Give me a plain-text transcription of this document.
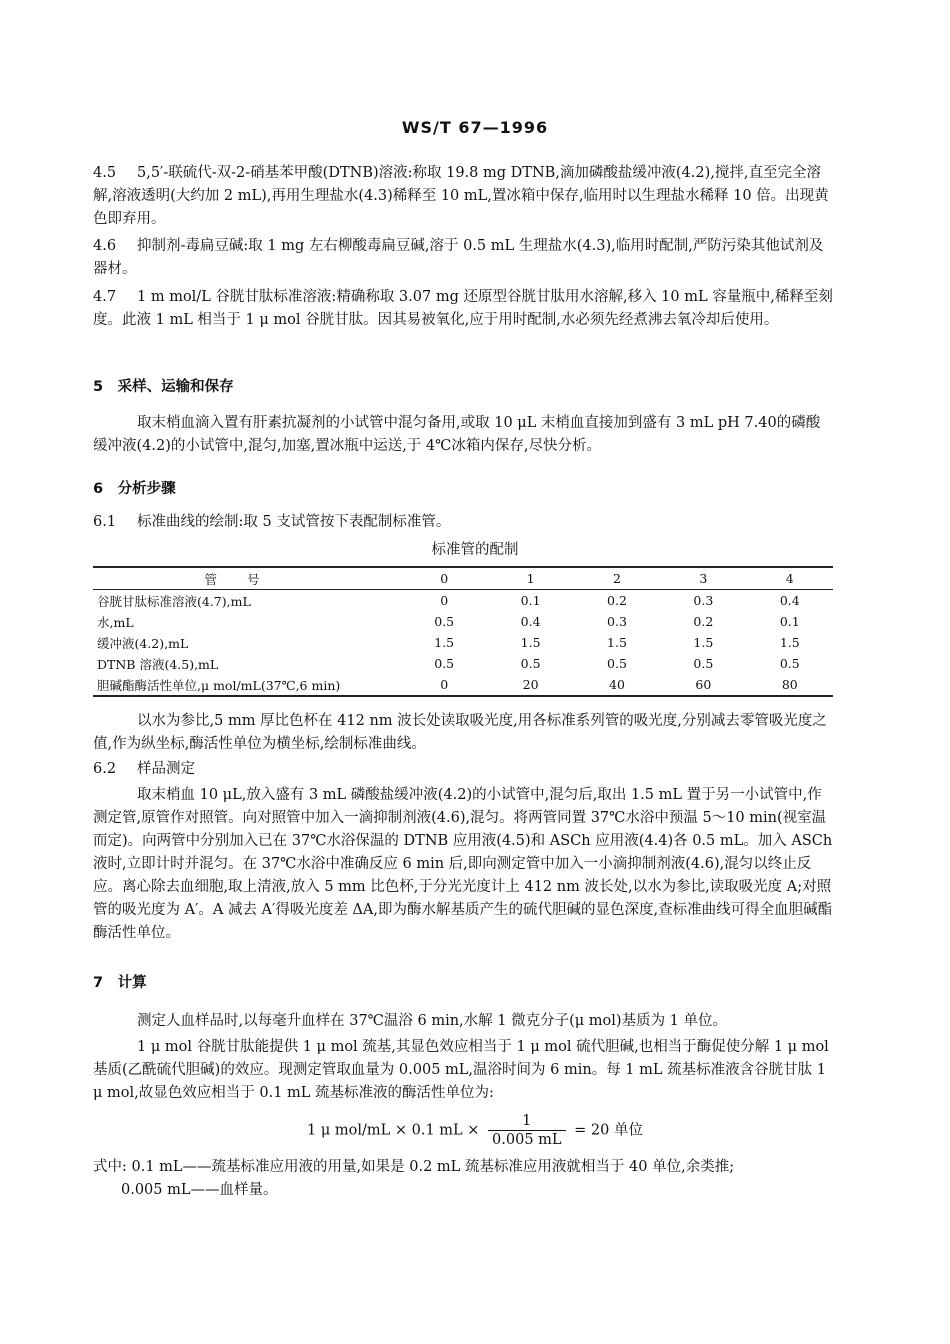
WS/T 67—1996

4.5 5,5′-联硫代-双-2-硝基苯甲酸(DTNB)溶液:称取 19.8 mg DTNB,滴加磷酸盐缓冲液(4.2),搅拌,直至完全溶解,溶液透明(大约加 2 mL),再用生理盐水(4.3)稀释至 10 mL,置冰箱中保存,临用时以生理盐水稀释 10 倍。出现黄色即弃用。

4.6 抑制剂-毒扁豆碱:取 1 mg 左右柳酸毒扁豆碱,溶于 0.5 mL 生理盐水(4.3),临用时配制,严防污染其他试剂及器材。

4.7 1 m mol/L 谷胱甘肽标准溶液:精确称取 3.07 mg 还原型谷胱甘肽用水溶解,移入 10 mL 容量瓶中,稀释至刻度。此液 1 mL 相当于 1 μ mol 谷胱甘肽。因其易被氧化,应于用时配制,水必须先经煮沸去氧冷却后使用。

5　采样、运输和保存

取末梢血滴入置有肝素抗凝剂的小试管中混匀备用,或取 10 μL 末梢血直接加到盛有 3 mL pH 7.40的磷酸缓冲液(4.2)的小试管中,混匀,加塞,置冰瓶中运送,于 4℃冰箱内保存,尽快分析。

6　分析步骤

6.1 标准曲线的绘制:取 5 支试管按下表配制标准管。

标准管的配制
管号	0	1	2	3	4
谷胱甘肽标准溶液(4.7),mL	0	0.1	0.2	0.3	0.4
水,mL	0.5	0.4	0.3	0.2	0.1
缓冲液(4.2),mL	1.5	1.5	1.5	1.5	1.5
DTNB 溶液(4.5),mL	0.5	0.5	0.5	0.5	0.5
胆碱酯酶活性单位,μ mol/mL(37℃,6 min)	0	20	40	60	80

以水为参比,5 mm 厚比色杯在 412 nm 波长处读取吸光度,用各标准系列管的吸光度,分别减去零管吸光度之值,作为纵坐标,酶活性单位为横坐标,绘制标准曲线。

6.2 样品测定

取末梢血 10 μL,放入盛有 3 mL 磷酸盐缓冲液(4.2)的小试管中,混匀后,取出 1.5 mL 置于另一小试管中,作测定管,原管作对照管。向对照管中加入一滴抑制剂液(4.6),混匀。将两管同置 37℃水浴中预温 5～10 min(视室温而定)。向两管中分别加入已在 37℃水浴保温的 DTNB 应用液(4.5)和 ASCh 应用液(4.4)各 0.5 mL。加入 ASCh 液时,立即计时并混匀。在 37℃水浴中准确反应 6 min 后,即向测定管中加入一小滴抑制剂液(4.6),混匀以终止反应。离心除去血细胞,取上清液,放入 5 mm 比色杯,于分光光度计上 412 nm 波长处,以水为参比,读取吸光度 A;对照管的吸光度为 A′。A 减去 A′得吸光度差 ΔA,即为酶水解基质产生的硫代胆碱的显色深度,查标准曲线可得全血胆碱酯酶活性单位。

7　计算

测定人血样品时,以每毫升血样在 37℃温浴 6 min,水解 1 微克分子(μ mol)基质为 1 单位。

1 μ mol 谷胱甘肽能提供 1 μ mol 巯基,其显色效应相当于 1 μ mol 硫代胆碱,也相当于酶促使分解 1 μ mol 基质(乙酰硫代胆碱)的效应。现测定管取血量为 0.005 mL,温浴时间为 6 min。每 1 mL 巯基标准液含谷胱甘肽 1 μ mol,故显色效应相当于 0.1 mL 巯基标准液的酶活性单位为:

1 μ mol/mL × 0.1 mL × $\frac{1}{0.005 mL} = 20$ 单位

式中: 0.1 mL——巯基标准应用液的用量,如果是 0.2 mL 巯基标准应用液就相当于 40 单位,余类推;

0.005 mL——血样量。
